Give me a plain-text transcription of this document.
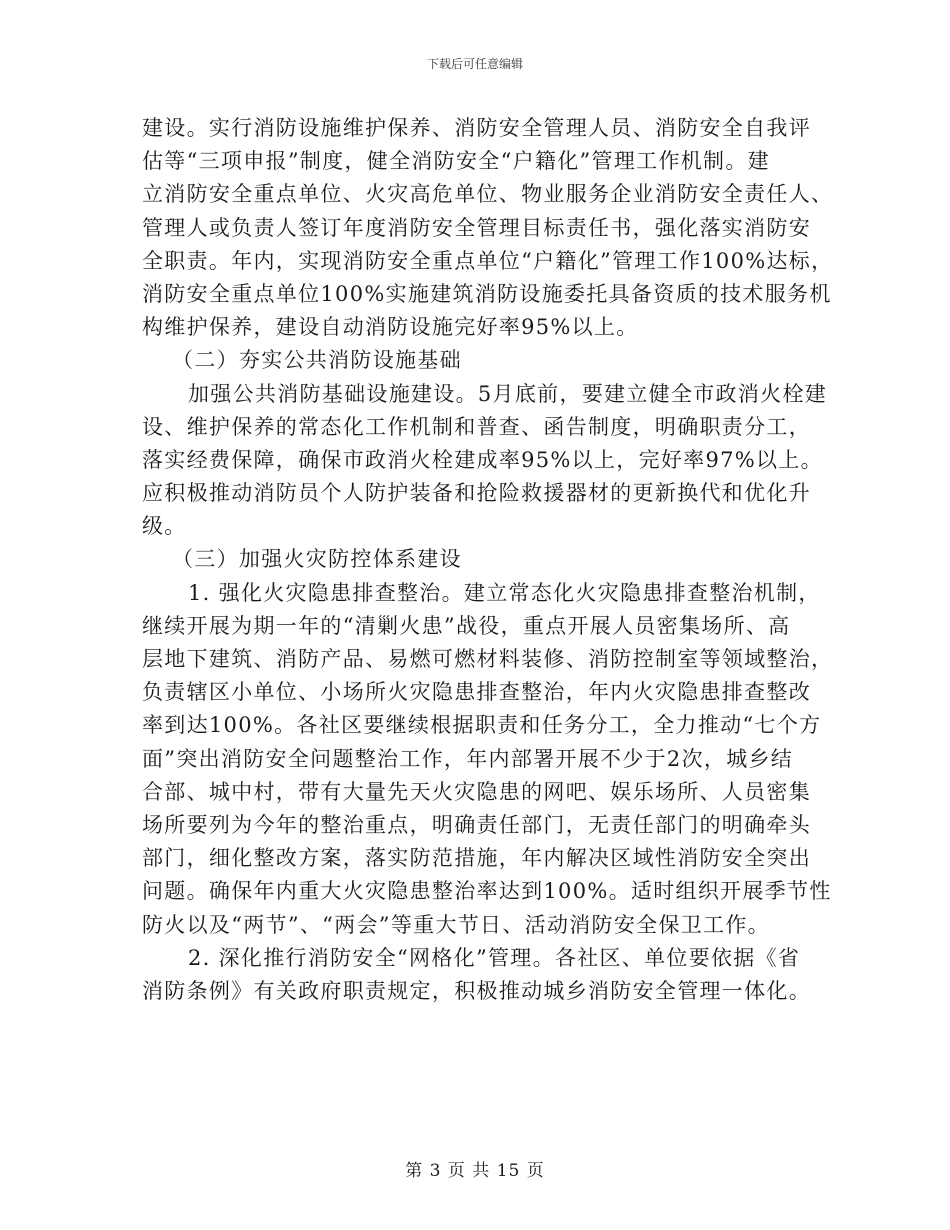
下载后可任意编辑
建设。实行消防设施维护保养、消防安全管理人员、消防安全自我评
估等“三项申报”制度，健全消防安全“户籍化”管理工作机制。建
立消防安全重点单位、火灾高危单位、物业服务企业消防安全责任人、
管理人或负责人签订年度消防安全管理目标责任书，强化落实消防安
全职责。年内，实现消防安全重点单位“户籍化”管理工作100%达标，
消防安全重点单位100%实施建筑消防设施委托具备资质的技术服务机
构维护保养，建设自动消防设施完好率95%以上。
（二）夯实公共消防设施基础
加强公共消防基础设施建设。5月底前，要建立健全市政消火栓建
设、维护保养的常态化工作机制和普查、函告制度，明确职责分工，
落实经费保障，确保市政消火栓建成率95%以上，完好率97%以上。
应积极推动消防员个人防护装备和抢险救援器材的更新换代和优化升
级。
（三）加强火灾防控体系建设
1. 强化火灾隐患排查整治。建立常态化火灾隐患排查整治机制，
继续开展为期一年的“清剿火患”战役，重点开展人员密集场所、高
层地下建筑、消防产品、易燃可燃材料装修、消防控制室等领域整治，
负责辖区小单位、小场所火灾隐患排查整治，年内火灾隐患排查整改
率到达100%。各社区要继续根据职责和任务分工，全力推动“七个方
面”突出消防安全问题整治工作，年内部署开展不少于2次，城乡结
合部、城中村，带有大量先天火灾隐患的网吧、娱乐场所、人员密集
场所要列为今年的整治重点，明确责任部门，无责任部门的明确牵头
部门，细化整改方案，落实防范措施，年内解决区域性消防安全突出
问题。确保年内重大火灾隐患整治率达到100%。适时组织开展季节性
防火以及“两节”、“两会”等重大节日、活动消防安全保卫工作。
2. 深化推行消防安全“网格化”管理。各社区、单位要依据《省
消防条例》有关政府职责规定，积极推动城乡消防安全管理一体化。
第 3 页 共 15 页
